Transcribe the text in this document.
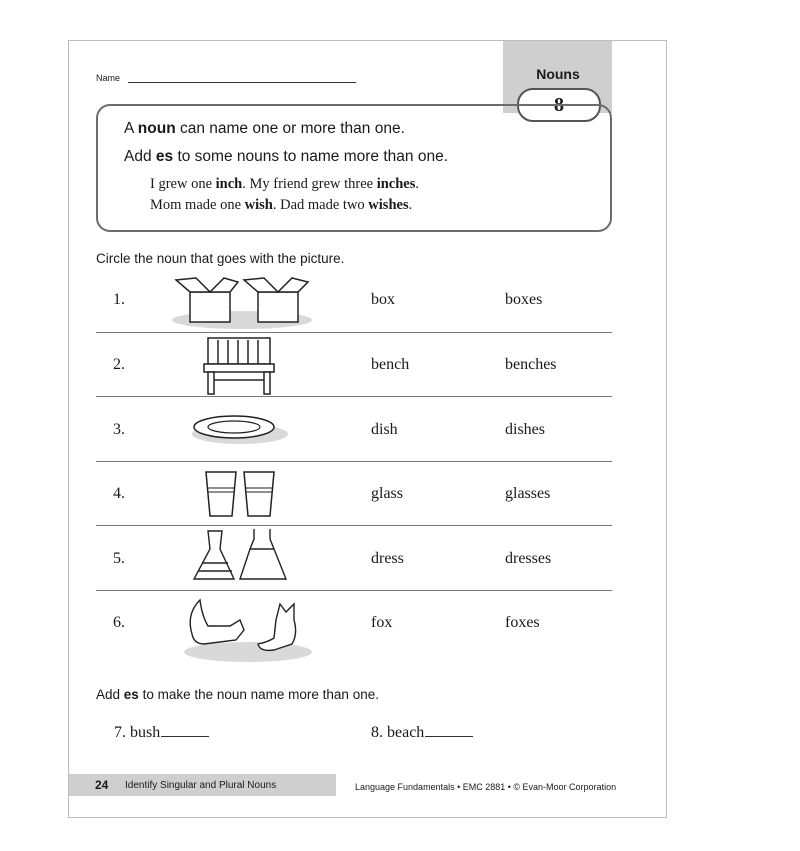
Nouns
8
Name
A noun can name one or more than one.
Add es to some nouns to name more than one.
I grew one inch. My friend grew three inches.
Mom made one wish. Dad made two wishes.
Circle the noun that goes with the picture.
1.	box	boxes
2.	bench	benches
3.	dish	dishes
4.	glass	glasses
5.	dress	dresses
6.	fox	foxes
Add es to make the noun name more than one.
7. bush	8. beach
24 Identify Singular and Plural Nouns	Language Fundamentals • EMC 2881 • © Evan-Moor Corporation
